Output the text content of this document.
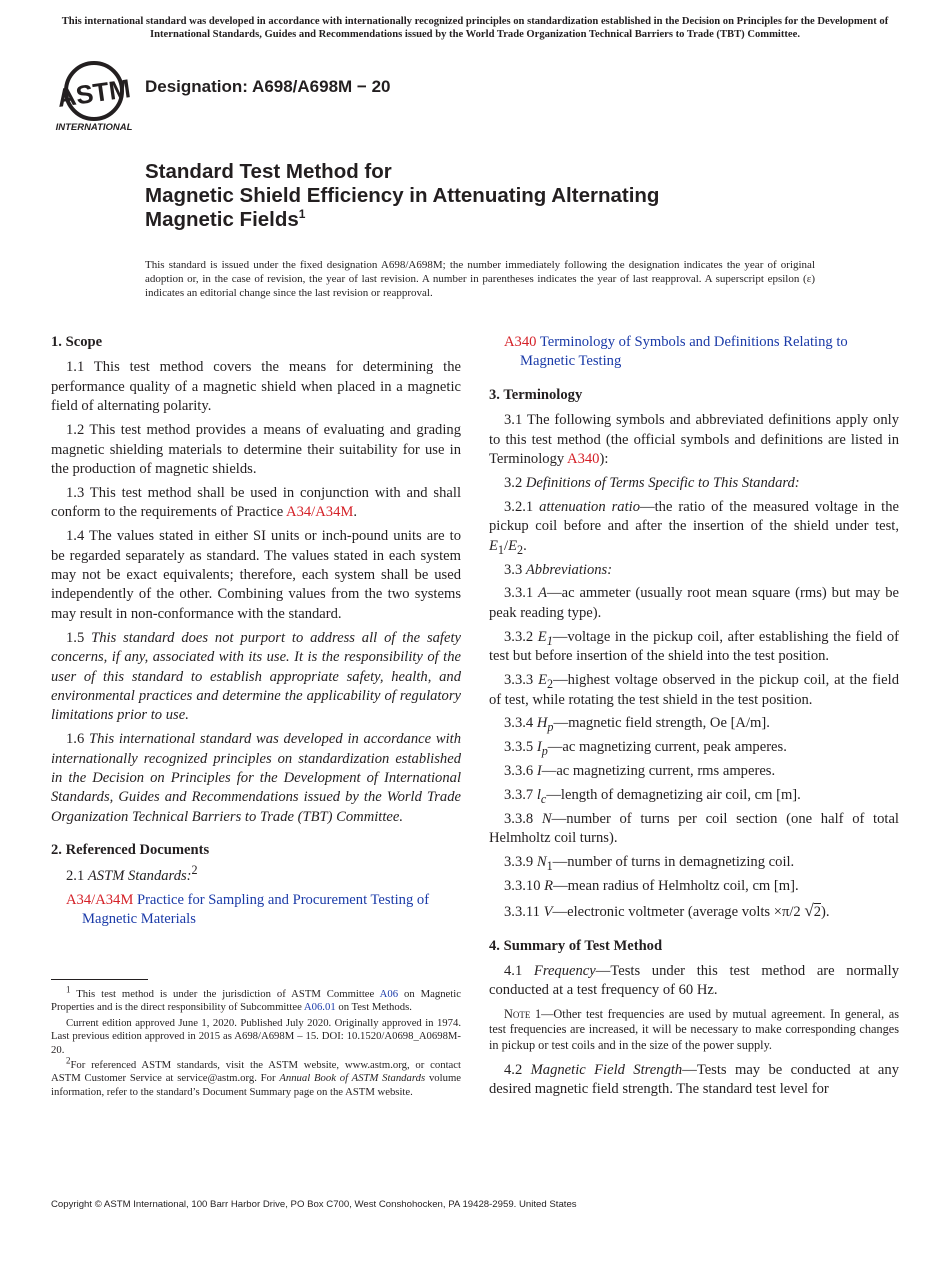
This international standard was developed in accordance with internationally recognized principles on standardization established in the Decision on Principles for the Development of International Standards, Guides and Recommendations issued by the World Trade Organization Technical Barriers to Trade (TBT) Committee.
ASTM
INTERNATIONAL
Designation: A698/A698M − 20
Standard Test Method for
Magnetic Shield Efficiency in Attenuating Alternating
Magnetic Fields$^1$
This standard is issued under the fixed designation A698/A698M; the number immediately following the designation indicates the year of original adoption or, in the case of revision, the year of last revision. A number in parentheses indicates the year of last reapproval. A superscript epsilon (ε) indicates an editorial change since the last revision or reapproval.
1. Scope

1.1 This test method covers the means for determining the performance quality of a magnetic shield when placed in a magnetic field of alternating polarity.

1.2 This test method provides a means of evaluating and grading magnetic shielding materials to determine their suitability for use in the production of magnetic shields.

1.3 This test method shall be used in conjunction with and shall conform to the requirements of Practice A34/A34M.

1.4 The values stated in either SI units or inch-pound units are to be regarded separately as standard. The values stated in each system may not be exact equivalents; therefore, each system shall be used independently of the other. Combining values from the two systems may result in non-conformance with the standard.

1.5 This standard does not purport to address all of the safety concerns, if any, associated with its use. It is the responsibility of the user of this standard to establish appropriate safety, health, and environmental practices and determine the applicability of regulatory limitations prior to use.

1.6 This international standard was developed in accordance with internationally recognized principles on standardization established in the Decision on Principles for the Development of International Standards, Guides and Recommendations issued by the World Trade Organization Technical Barriers to Trade (TBT) Committee.

2. Referenced Documents

2.1 ASTM Standards:$^2$

A34/A34M Practice for Sampling and Procurement Testing of Magnetic Materials
A340 Terminology of Symbols and Definitions Relating to Magnetic Testing
3. Terminology

3.1 The following symbols and abbreviated definitions apply only to this test method (the official symbols and definitions are listed in Terminology A340):

3.2 Definitions of Terms Specific to This Standard:

3.2.1 attenuation ratio—the ratio of the measured voltage in the pickup coil before and after the insertion of the shield under test, $E_1/E_2$.

3.3 Abbreviations:

3.3.1 A—ac ammeter (usually root mean square (rms) but may be peak reading type).

3.3.2 $E_1—voltage$ in the pickup coil, after establishing the field of test but before insertion of the shield into the test position.

3.3.3 $E_2—highest$ voltage observed in the pickup coil, at the field of test, while rotating the test shield in the test position.

3.3.4 $H_p—magnetic$ field strength, Oe [A/m].

3.3.5 $I_p—ac$ magnetizing current, peak amperes.

3.3.6 I—ac magnetizing current, rms amperes.

3.3.7 $l_c—length$ of demagnetizing air coil, cm [m].

3.3.8 N—number of turns per coil section (one half of total Helmholtz coil turns).

3.3.9 $N_1—number$ of turns in demagnetizing coil.

3.3.10 R—mean radius of Helmholtz coil, cm [m].

3.3.11 V—electronic voltmeter (average volts ×π/2 √2).

4. Summary of Test Method

4.1 Frequency—Tests under this test method are normally conducted at a test frequency of 60 Hz.

Note 1—Other test frequencies are used by mutual agreement. In general, as test frequencies are increased, it will be necessary to make corresponding changes in pickup or test coils and in the size of the power supply.

4.2 Magnetic Field Strength—Tests may be conducted at any desired magnetic field strength. The standard test level for

$^1$ This test method is under the jurisdiction of ASTM Committee A06 on Magnetic Properties and is the direct responsibility of Subcommittee A06.01 on Test Methods.

Current edition approved June 1, 2020. Published July 2020. Originally approved in 1974. Last previous edition approved in 2015 as A698/A698M – 15. DOI: 10.1520/A0698_A0698M-20.

$^2$For referenced ASTM standards, visit the ASTM website, www.astm.org, or contact ASTM Customer Service at service@astm.org. For Annual Book of ASTM Standards volume information, refer to the standard’s Document Summary page on the ASTM website.

Copyright © ASTM International, 100 Barr Harbor Drive, PO Box C700, West Conshohocken, PA 19428-2959. United States
